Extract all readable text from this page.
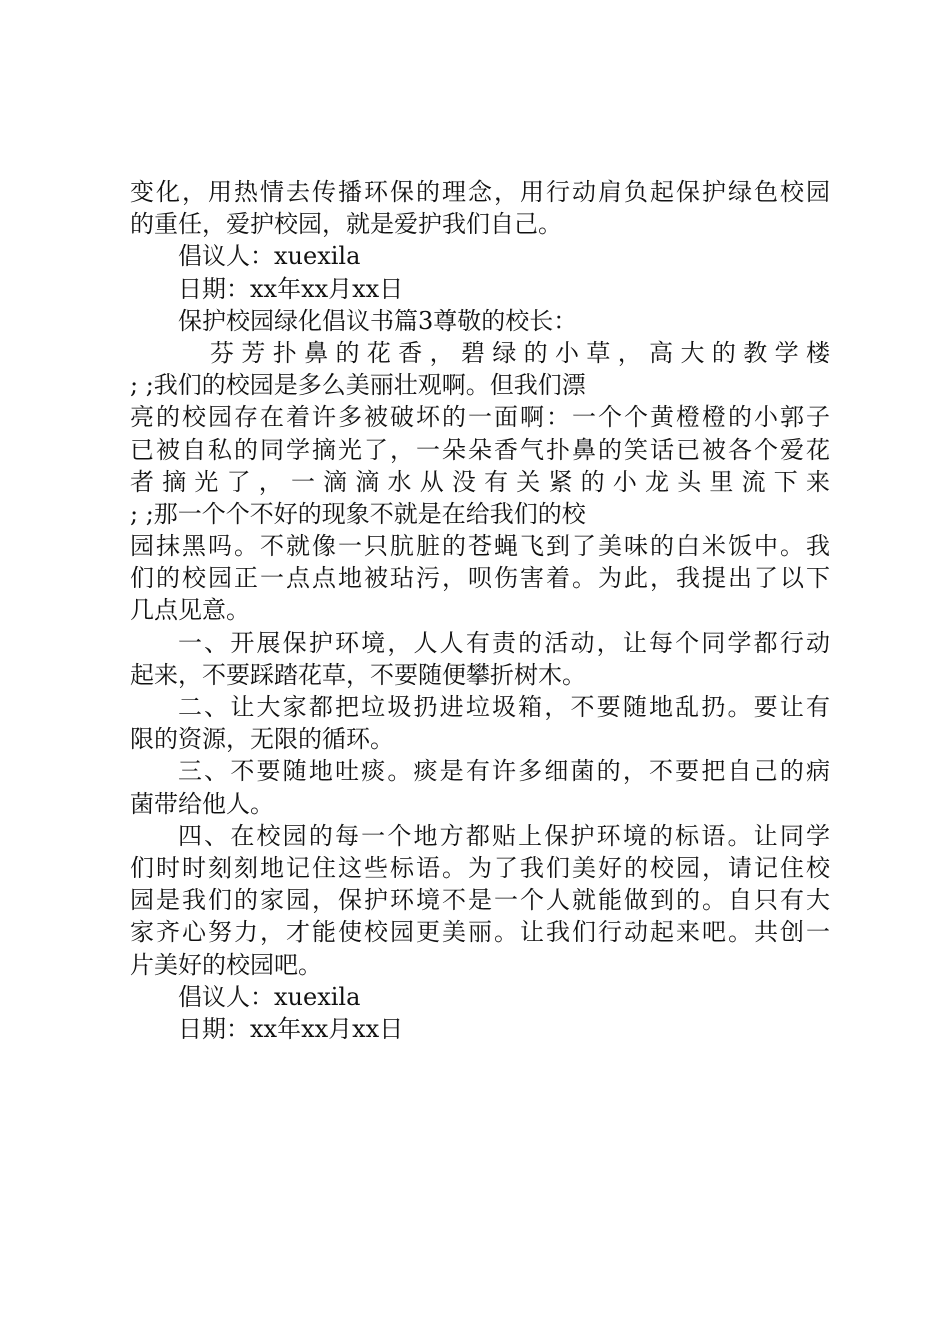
变化，用热情去传播环保的理念，用行动肩负起保护绿色校园
的重任，爱护校园，就是爱护我们自己。
倡议人：xuexila
日期：xx年xx月xx日
保护校园绿化倡议书篇3尊敬的校长：
芬芳扑鼻的花香，碧绿的小草，高大的教学楼
; ;我们的校园是多么美丽壮观啊。但我们漂
亮的校园存在着许多被破坏的一面啊：一个个黄橙橙的小郭子
已被自私的同学摘光了，一朵朵香气扑鼻的笑话已被各个爱花
者摘光了，一滴滴水从没有关紧的小龙头里流下来
; ;那一个个不好的现象不就是在给我们的校
园抹黑吗。不就像一只肮脏的苍蝇飞到了美味的白米饭中。我
们的校园正一点点地被玷污，呗伤害着。为此，我提出了以下
几点见意。
一、开展保护环境，人人有责的活动，让每个同学都行动
起来，不要踩踏花草，不要随便攀折树木。
二、让大家都把垃圾扔进垃圾箱，不要随地乱扔。要让有
限的资源，无限的循环。
三、不要随地吐痰。痰是有许多细菌的，不要把自己的病
菌带给他人。
四、在校园的每一个地方都贴上保护环境的标语。让同学
们时时刻刻地记住这些标语。为了我们美好的校园，请记住校
园是我们的家园，保护环境不是一个人就能做到的。自只有大
家齐心努力，才能使校园更美丽。让我们行动起来吧。共创一
片美好的校园吧。
倡议人：xuexila
日期：xx年xx月xx日
